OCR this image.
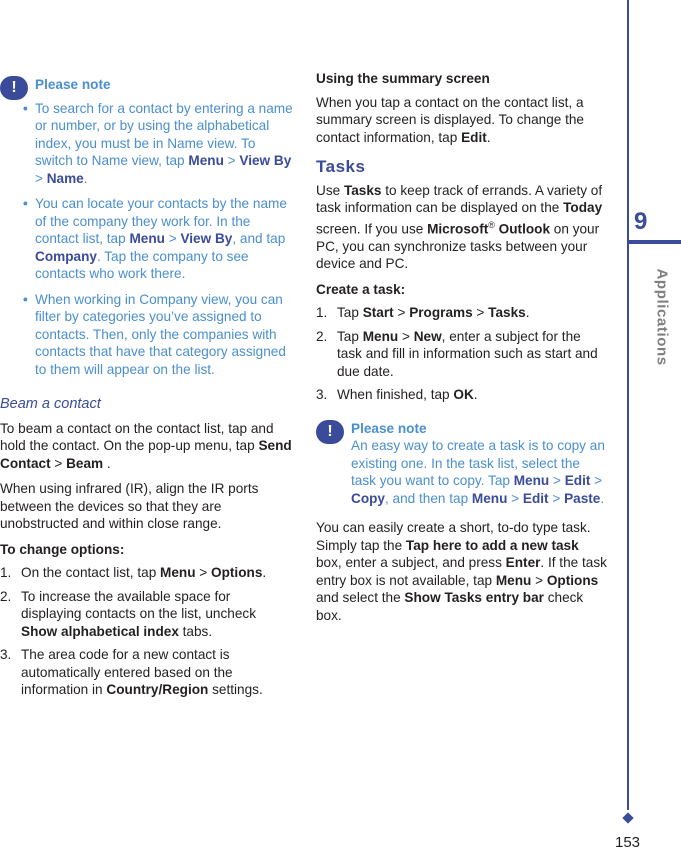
!	Please note
• To search for a contact by entering a name or number, or by using the alphabetical index, you must be in Name view. To switch to Name view, tap Menu > View By > Name.
• You can locate your contacts by the name of the company they work for. In the contact list, tap Menu > View By, and tap Company. Tap the company to see contacts who work there.
• When working in Company view, you can filter by categories you’ve assigned to contacts. Then, only the companies with contacts that have that category assigned to them will appear on the list.
Beam a contact

To beam a contact on the contact list, tap and hold the contact. On the pop-up menu, tap Send Contact > Beam .

When using infrared (IR), align the IR ports between the devices so that they are unobstructed and within close range.

To change options:
1. On the contact list, tap Menu > Options.
2. To increase the available space for displaying contacts on the list, uncheck Show alphabetical index tabs.
3. The area code for a new contact is automatically entered based on the information in Country/Region settings.
Using the summary screen

When you tap a contact on the contact list, a summary screen is displayed. To change the contact information, tap Edit.

Tasks

Use Tasks to keep track of errands. A variety of task information can be displayed on the Today screen. If you use Microsoft® Outlook on your PC, you can synchronize tasks between your device and PC.

Create a task:
1. Tap Start > Programs > Tasks.
2. Tap Menu > New, enter a subject for the task and fill in information such as start and due date.
3. When finished, tap OK.
!	Please note
An easy way to create a task is to copy an existing one. In the task list, select the task you want to copy. Tap Menu > Edit > Copy, and then tap Menu > Edit > Paste.

You can easily create a short, to-do type task. Simply tap the Tap here to add a new task box, enter a subject, and press Enter. If the task entry box is not available, tap Menu > Options and select the Show Tasks entry bar check box.

9
Applications
153
